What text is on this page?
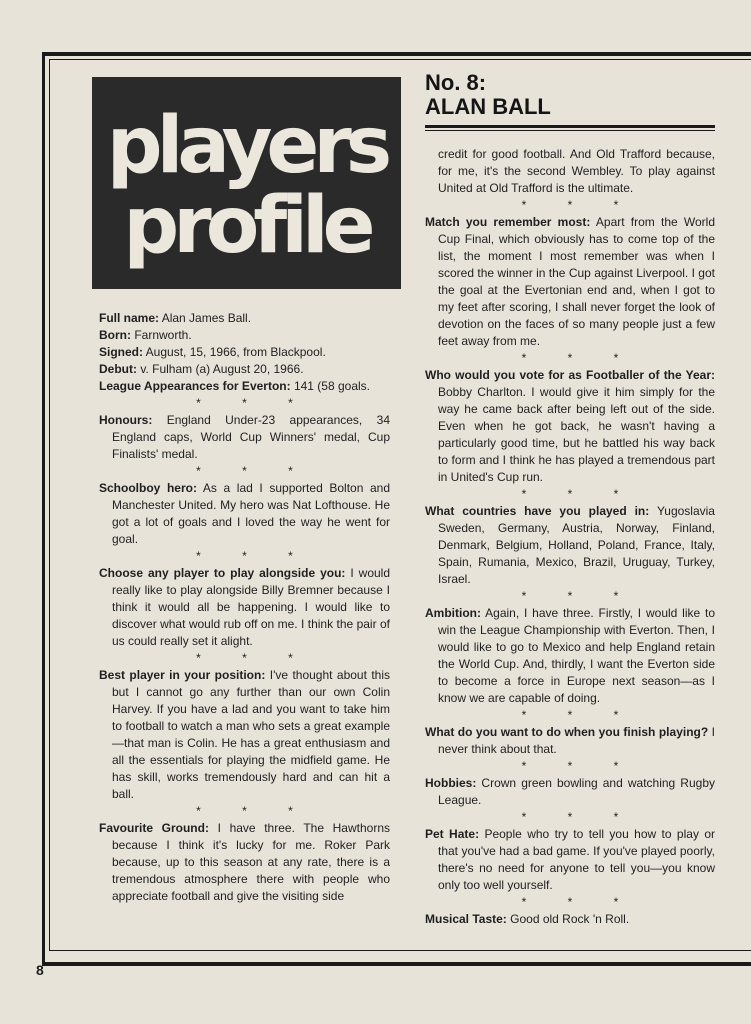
players
profile
No. 8:
ALAN BALL
Full name: Alan James Ball.
Born: Farnworth.
Signed: August, 15, 1966, from Blackpool.
Debut: v. Fulham (a) August 20, 1966.
League Appearances for Everton: 141 (58 goals.
* * *
Honours: England Under-23 appearances, 34 England caps, World Cup Winners' medal, Cup Finalists' medal.
* * *
Schoolboy hero: As a lad I supported Bolton and Manchester United. My hero was Nat Lofthouse. He got a lot of goals and I loved the way he went for goal.
* * *
Choose any player to play alongside you: I would really like to play alongside Billy Bremner because I think it would all be happening. I would like to discover what would rub off on me. I think the pair of us could really set it alight.
* * *
Best player in your position: I've thought about this but I cannot go any further than our own Colin Harvey. If you have a lad and you want to take him to football to watch a man who sets a great example—that man is Colin. He has a great enthusiasm and all the essentials for playing the midfield game. He has skill, works tremendously hard and can hit a ball.
* * *
Favourite Ground: I have three. The Hawthorns because I think it's lucky for me. Roker Park because, up to this season at any rate, there is a tremendous atmosphere there with people who appreciate football and give the visiting side
credit for good football. And Old Trafford because, for me, it's the second Wembley. To play against United at Old Trafford is the ultimate.
* * *
Match you remember most: Apart from the World Cup Final, which obviously has to come top of the list, the moment I most remember was when I scored the winner in the Cup against Liverpool. I got the goal at the Evertonian end and, when I got to my feet after scoring, I shall never forget the look of devotion on the faces of so many people just a few feet away from me.
* * *
Who would you vote for as Footballer of the Year: Bobby Charlton. I would give it him simply for the way he came back after being left out of the side. Even when he got back, he wasn't having a particularly good time, but he battled his way back to form and I think he has played a tremendous part in United's Cup run.
* * *
What countries have you played in: Yugoslavia Sweden, Germany, Austria, Norway, Finland, Denmark, Belgium, Holland, Poland, France, Italy, Spain, Rumania, Mexico, Brazil, Uruguay, Turkey, Israel.
* * *
Ambition: Again, I have three. Firstly, I would like to win the League Championship with Everton. Then, I would like to go to Mexico and help England retain the World Cup. And, thirdly, I want the Everton side to become a force in Europe next season—as I know we are capable of doing.
* * *
What do you want to do when you finish playing? I never think about that.
* * *
Hobbies: Crown green bowling and watching Rugby League.
* * *
Pet Hate: People who try to tell you how to play or that you've had a bad game. If you've played poorly, there's no need for anyone to tell you—you know only too well yourself.
* * *
Musical Taste: Good old Rock 'n Roll.
8
